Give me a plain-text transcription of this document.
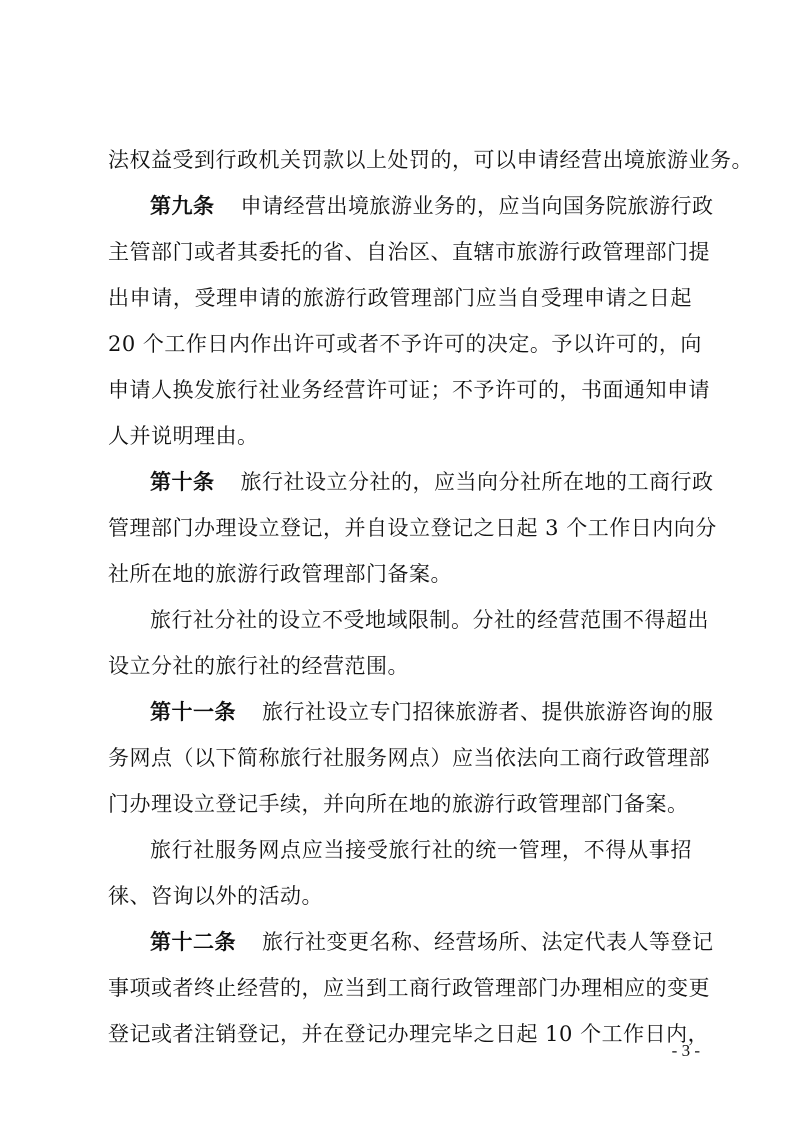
法权益受到行政机关罚款以上处罚的，可以申请经营出境旅游业务。
第九条 申请经营出境旅游业务的，应当向国务院旅游行政
主管部门或者其委托的省、自治区、直辖市旅游行政管理部门提
出申请，受理申请的旅游行政管理部门应当自受理申请之日起
20 个工作日内作出许可或者不予许可的决定。予以许可的，向
申请人换发旅行社业务经营许可证；不予许可的，书面通知申请
人并说明理由。
第十条 旅行社设立分社的，应当向分社所在地的工商行政
管理部门办理设立登记，并自设立登记之日起 3 个工作日内向分
社所在地的旅游行政管理部门备案。
旅行社分社的设立不受地域限制。分社的经营范围不得超出
设立分社的旅行社的经营范围。
第十一条 旅行社设立专门招徕旅游者、提供旅游咨询的服
务网点（以下简称旅行社服务网点）应当依法向工商行政管理部
门办理设立登记手续，并向所在地的旅游行政管理部门备案。
旅行社服务网点应当接受旅行社的统一管理，不得从事招
徕、咨询以外的活动。
第十二条 旅行社变更名称、经营场所、法定代表人等登记
事项或者终止经营的，应当到工商行政管理部门办理相应的变更
登记或者注销登记，并在登记办理完毕之日起 10 个工作日内，
- 3 -
